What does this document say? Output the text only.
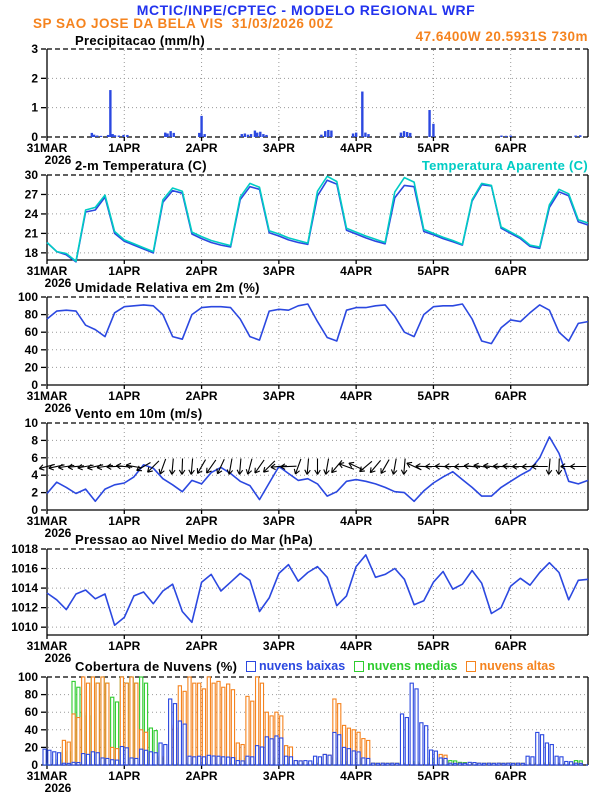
0
1
2
3
31MAR	1APR	2APR	3APR	4APR	5APR	6APR
2026
18
21
24
27
30
31MAR	1APR	2APR	3APR	4APR	5APR	6APR
2026
0
20
40
60
80
100
31MAR	1APR	2APR	3APR	4APR	5APR	6APR
2026
0
2
4
6
8
10
31MAR	1APR	2APR	3APR	4APR	5APR	6APR
2026
1010
1012
1014
1016
1018
31MAR	1APR	2APR	3APR	4APR	5APR	6APR
2026
0
20
40
60
80
100
31MAR	1APR	2APR	3APR	4APR	5APR	6APR
2026
MCTIC/INPE/CPTEC - MODELO REGIONAL WRF
SP SAO JOSE DA BELA VIS  31/03/2026 00Z
47.6400W 20.5931S 730m
Precipitacao (mm/h)
2-m Temperatura (C)	Temperatura Aparente (C)
Umidade Relativa em 2m (%)
Vento em 10m (m/s)
Pressao ao Nivel Medio do Mar (hPa)
Cobertura de Nuvens (%) nuvens baixas nuvens medias nuvens altas
